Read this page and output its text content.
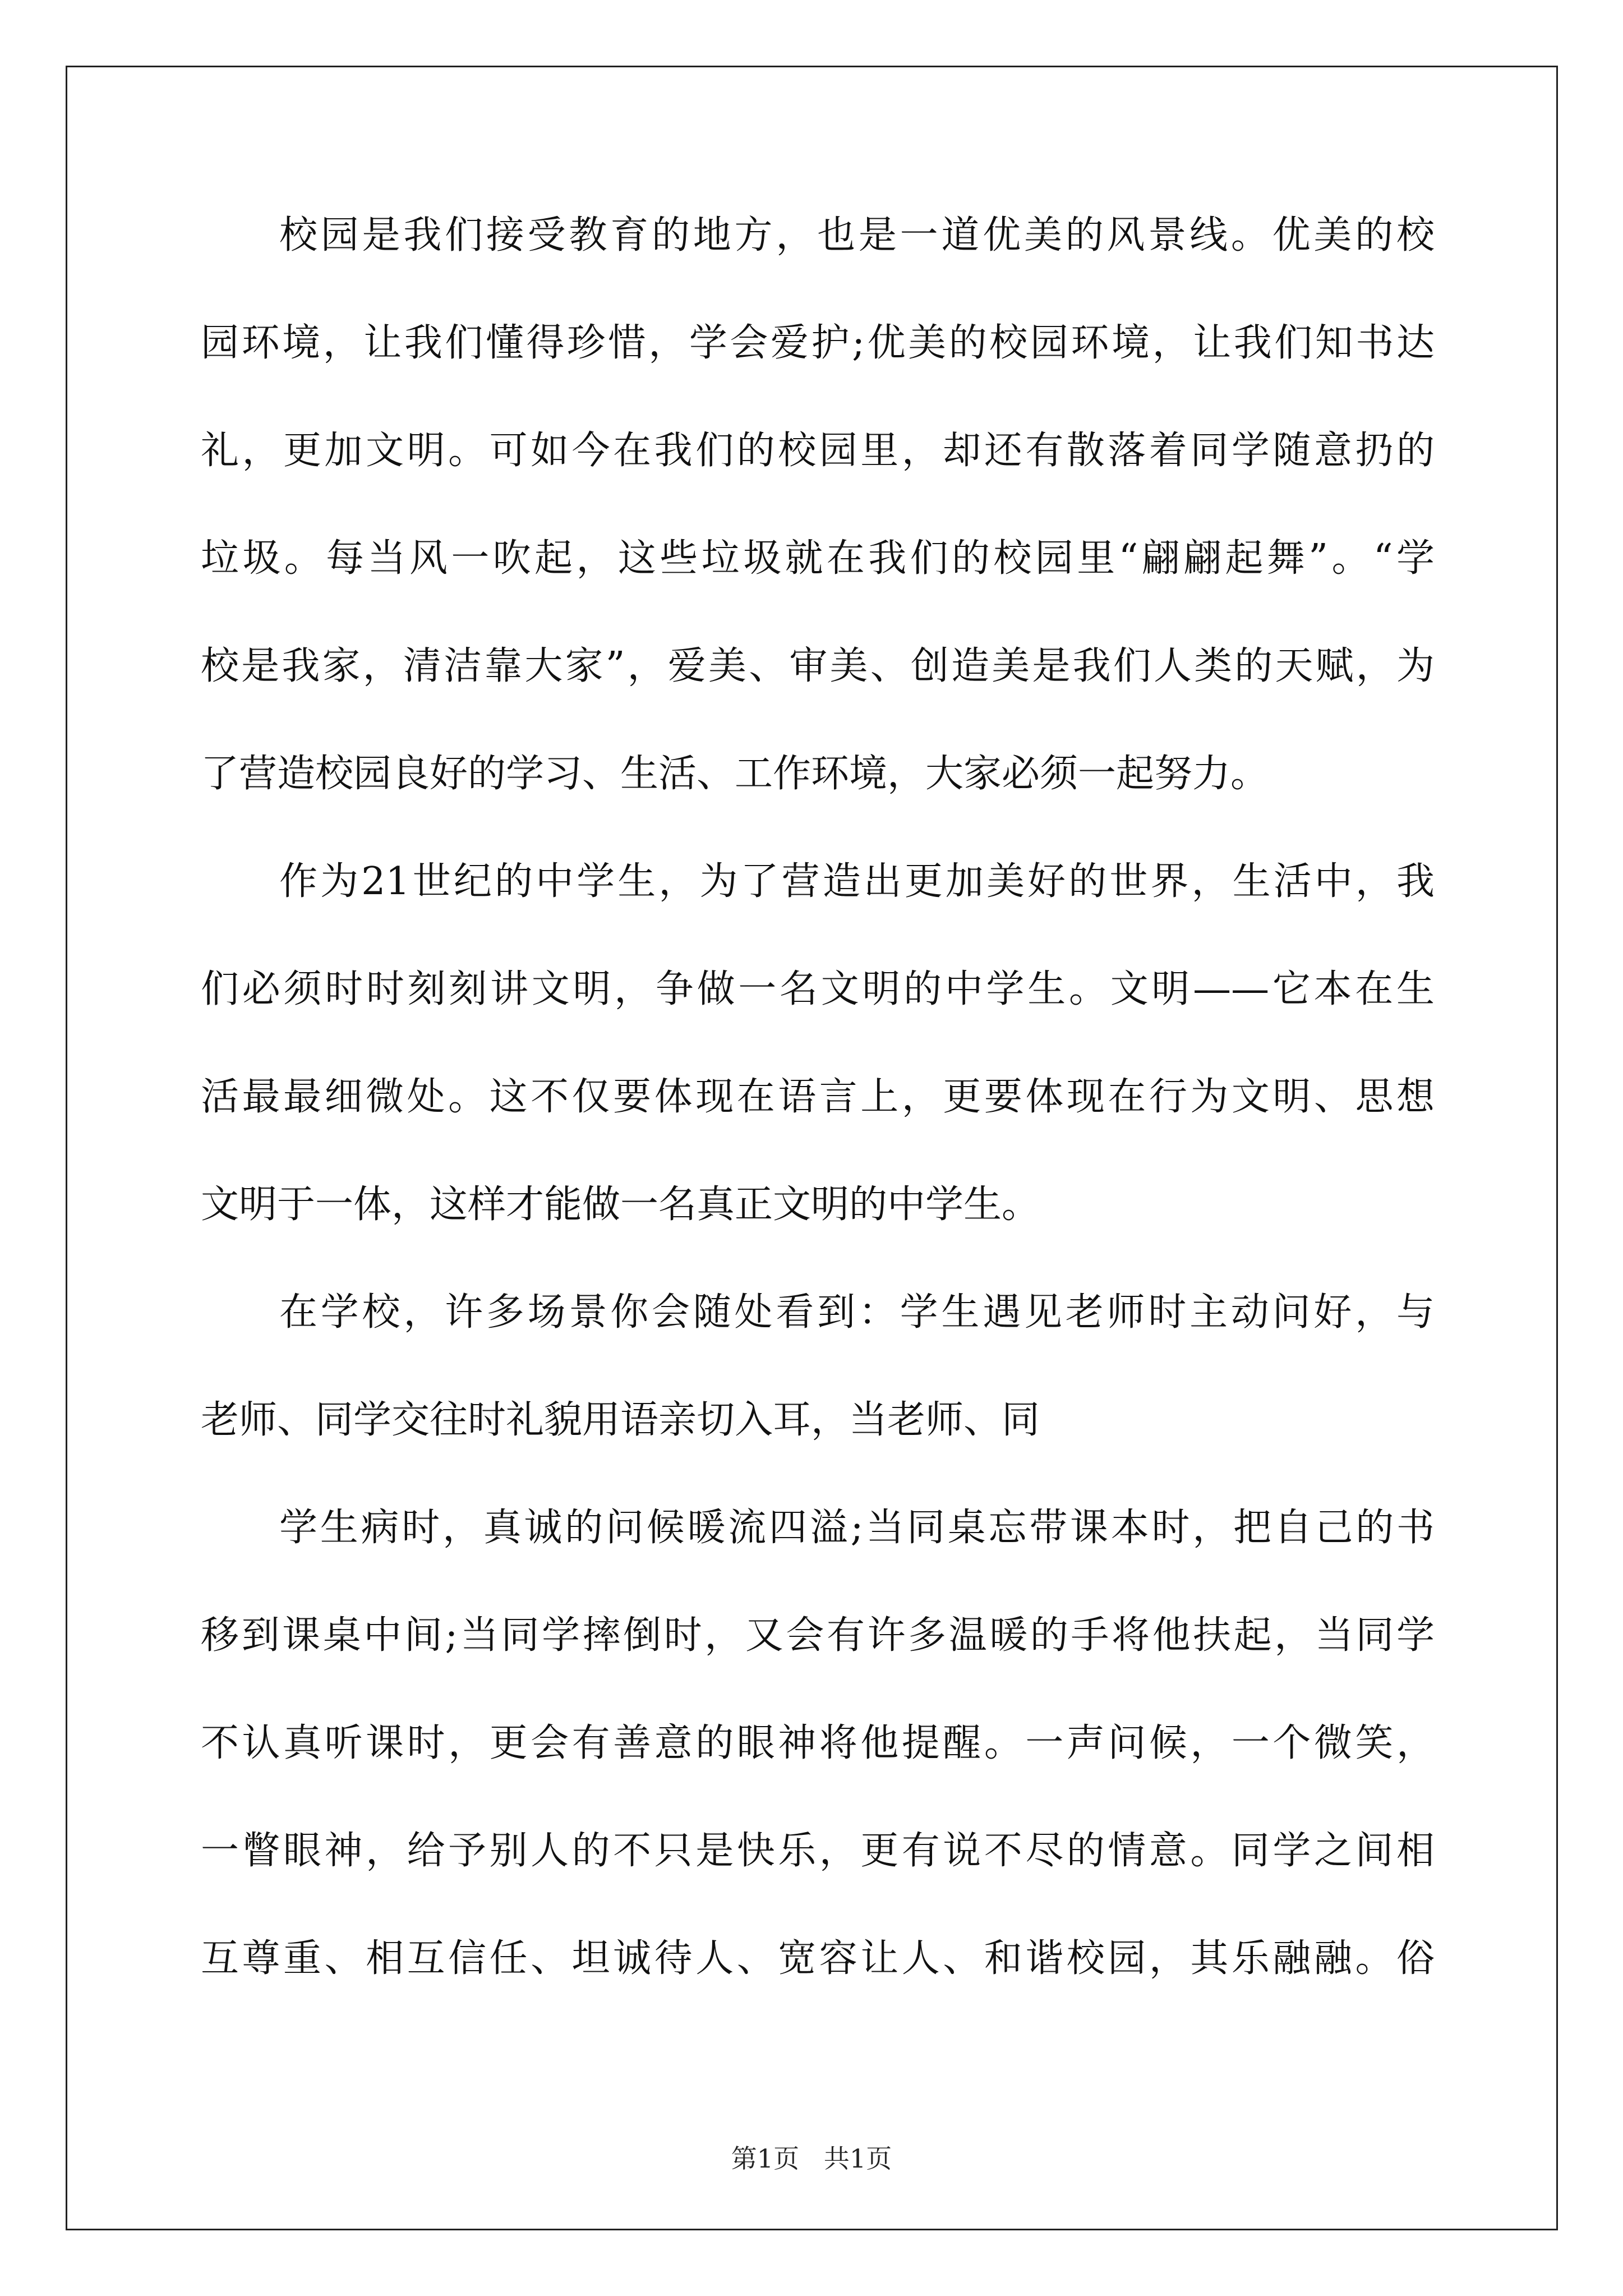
校园是我们接受教育的地方，也是一道优美的风景线。优美的校
园环境，让我们懂得珍惜，学会爱护;优美的校园环境，让我们知书达
礼，更加文明。可如今在我们的校园里，却还有散落着同学随意扔的
垃圾。每当风一吹起，这些垃圾就在我们的校园里“翩翩起舞”。“学
校是我家，清洁靠大家”，爱美、审美、创造美是我们人类的天赋，为
了营造校园良好的学习、生活、工作环境，大家必须一起努力。
作为21世纪的中学生，为了营造出更加美好的世界，生活中，我
们必须时时刻刻讲文明，争做一名文明的中学生。文明——它本在生
活最最细微处。这不仅要体现在语言上，更要体现在行为文明、思想
文明于一体，这样才能做一名真正文明的中学生。
在学校，许多场景你会随处看到：学生遇见老师时主动问好，与
老师、同学交往时礼貌用语亲切入耳，当老师、同
学生病时，真诚的问候暖流四溢;当同桌忘带课本时，把自己的书
移到课桌中间;当同学摔倒时，又会有许多温暖的手将他扶起，当同学
不认真听课时，更会有善意的眼神将他提醒。一声问候，一个微笑，
一瞥眼神，给予别人的不只是快乐，更有说不尽的情意。同学之间相
互尊重、相互信任、坦诚待人、宽容让人、和谐校园，其乐融融。俗
第1页   共1页
